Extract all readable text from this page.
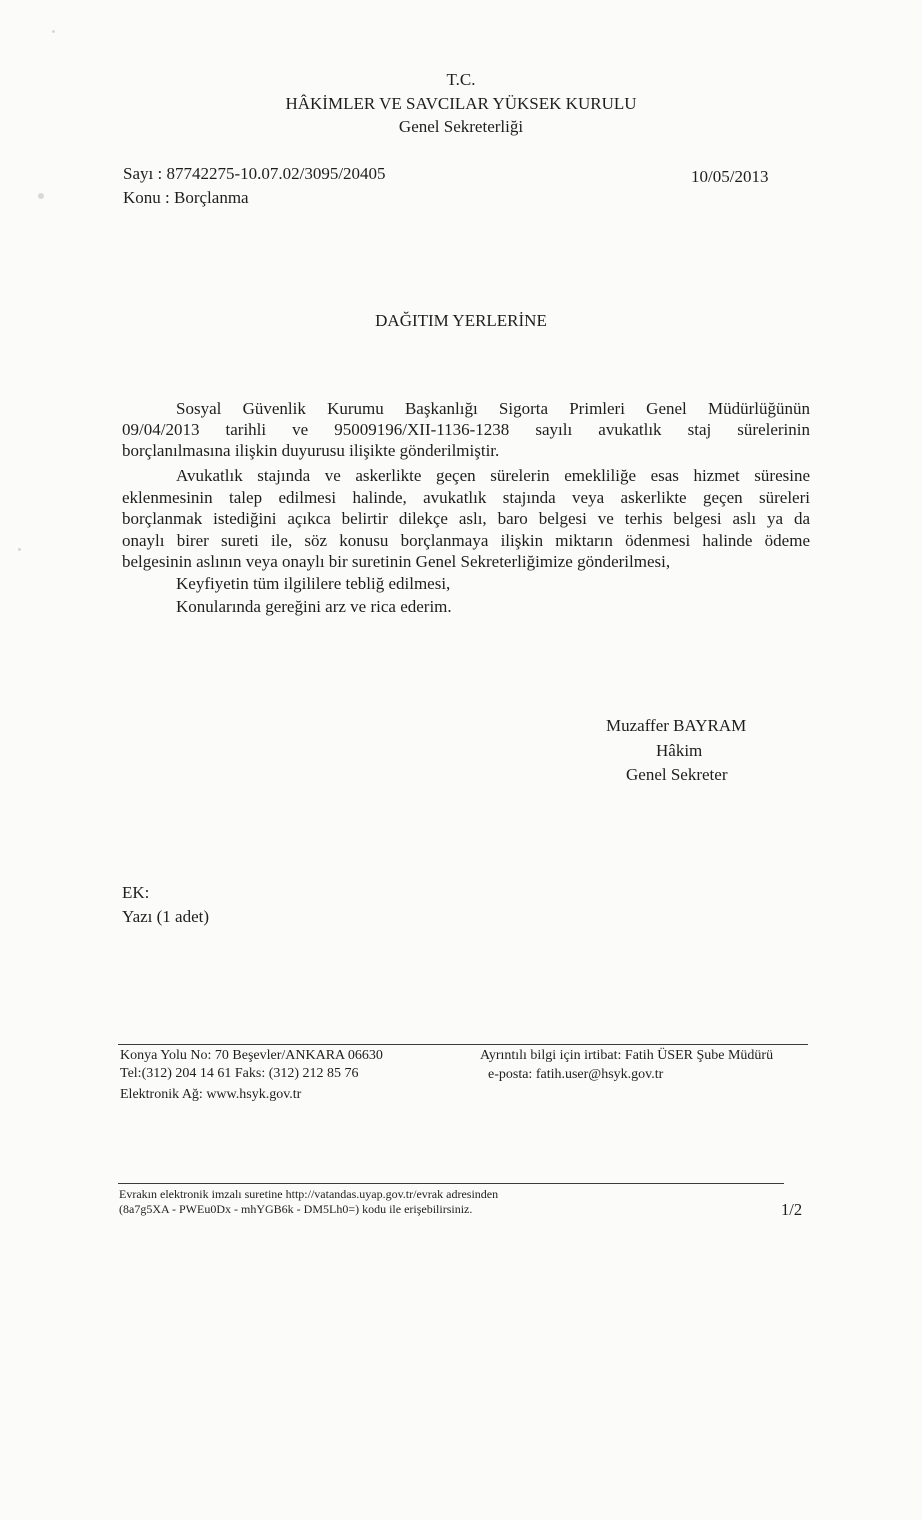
T.C.
HÂKİMLER VE SAVCILAR YÜKSEK KURULU
Genel Sekreterliği
Sayı : 87742275-10.07.02/3095/20405
Konu : Borçlanma
10/05/2013
DAĞITIM YERLERİNE
Sosyal Güvenlik Kurumu Başkanlığı Sigorta Primleri Genel Müdürlüğünün
09/04/2013 tarihli ve 95009196/XII-1136-1238 sayılı avukatlık staj sürelerinin
borçlanılmasına ilişkin duyurusu ilişikte gönderilmiştir.
Avukatlık stajında ve askerlikte geçen sürelerin emekliliğe esas hizmet süresine
eklenmesinin talep edilmesi halinde, avukatlık stajında veya askerlikte geçen süreleri
borçlanmak istediğini açıkca belirtir dilekçe aslı, baro belgesi ve terhis belgesi aslı ya da
onaylı birer sureti ile, söz konusu borçlanmaya ilişkin miktarın ödenmesi halinde ödeme
belgesinin aslının veya onaylı bir suretinin Genel Sekreterliğimize gönderilmesi,
Keyfiyetin tüm ilgililere tebliğ edilmesi,
Konularında gereğini arz ve rica ederim.
Muzaffer BAYRAM
Hâkim
Genel Sekreter
EK:
Yazı (1 adet)
Konya Yolu No: 70 Beşevler/ANKARA 06630
Tel:(312) 204 14 61 Faks: (312) 212 85 76
Elektronik Ağ: www.hsyk.gov.tr
Ayrıntılı bilgi için irtibat: Fatih ÜSER Şube Müdürü
e-posta: fatih.user@hsyk.gov.tr
Evrakın elektronik imzalı suretine http://vatandas.uyap.gov.tr/evrak adresinden
(8a7g5XA - PWEu0Dx - mhYGB6k - DM5Lh0=) kodu ile erişebilirsiniz.	1/2
